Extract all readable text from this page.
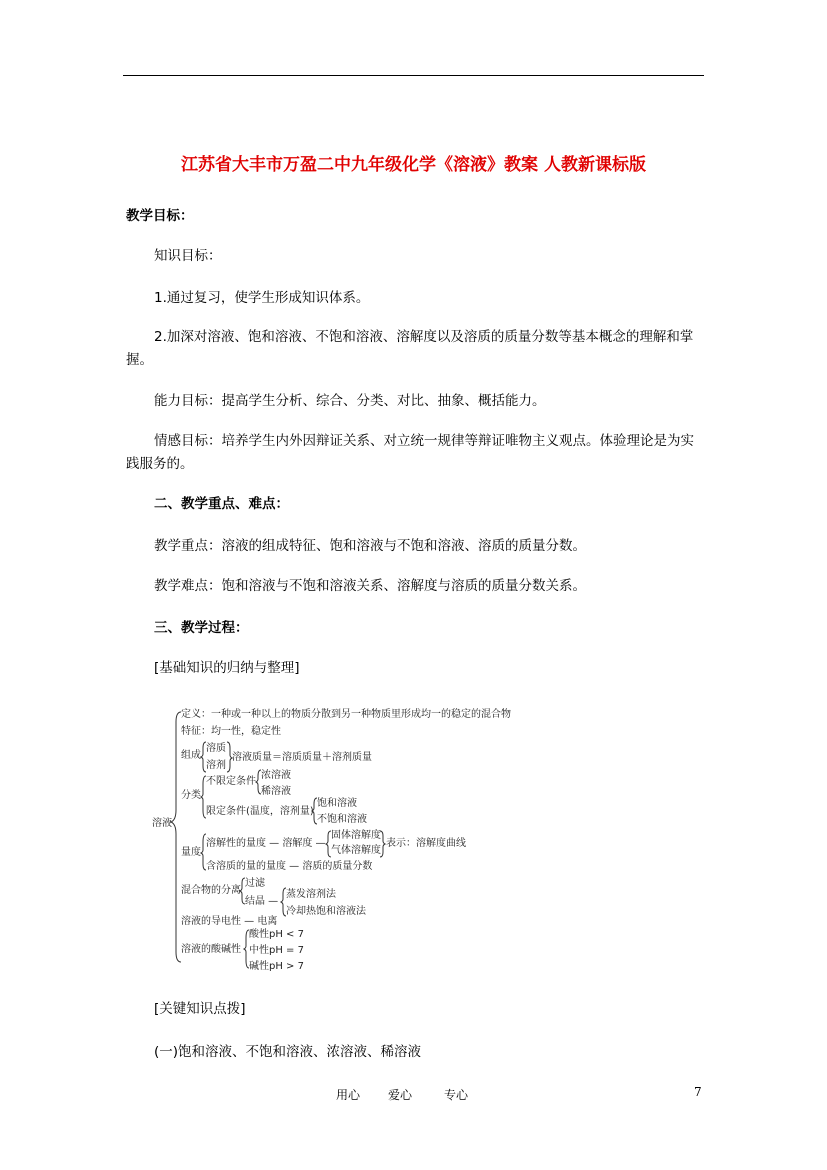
江苏省大丰市万盈二中九年级化学《溶液》教案 人教新课标版
教学目标：
知识目标：
1.通过复习，使学生形成知识体系。
2.加深对溶液、饱和溶液、不饱和溶液、溶解度以及溶质的质量分数等基本概念的理解和掌握。
能力目标：提高学生分析、综合、分类、对比、抽象、概括能力。
情感目标：培养学生内外因辩证关系、对立统一规律等辩证唯物主义观点。体验理论是为实践服务的。
二、教学重点、难点：
教学重点：溶液的组成特征、饱和溶液与不饱和溶液、溶质的质量分数。
教学难点：饱和溶液与不饱和溶液关系、溶解度与溶质的质量分数关系。
三、教学过程：
[基础知识的归纳与整理]
溶液
定义：一种或一种以上的物质分散到另一种物质里形成均一的稳定的混合物
特征：均一性，稳定性
组成
溶质
溶剂
溶液质量＝溶质质量＋溶剂质量
分类
不限定条件
浓溶液
稀溶液
限定条件(温度，溶剂量)
饱和溶液
不饱和溶液
量度
溶解性的量度 — 溶解度 —
固体溶解度
气体溶解度
表示：溶解度曲线
含溶质的量的量度 — 溶质的质量分数
混合物的分离
过滤
结晶 —
蒸发溶剂法
冷却热饱和溶液法
溶液的导电性 — 电离
溶液的酸碱性
酸性pH < 7
中性pH = 7
碱性pH > 7
[关键知识点拨]
(一)饱和溶液、不饱和溶液、浓溶液、稀溶液
用心 爱心	专心	7
